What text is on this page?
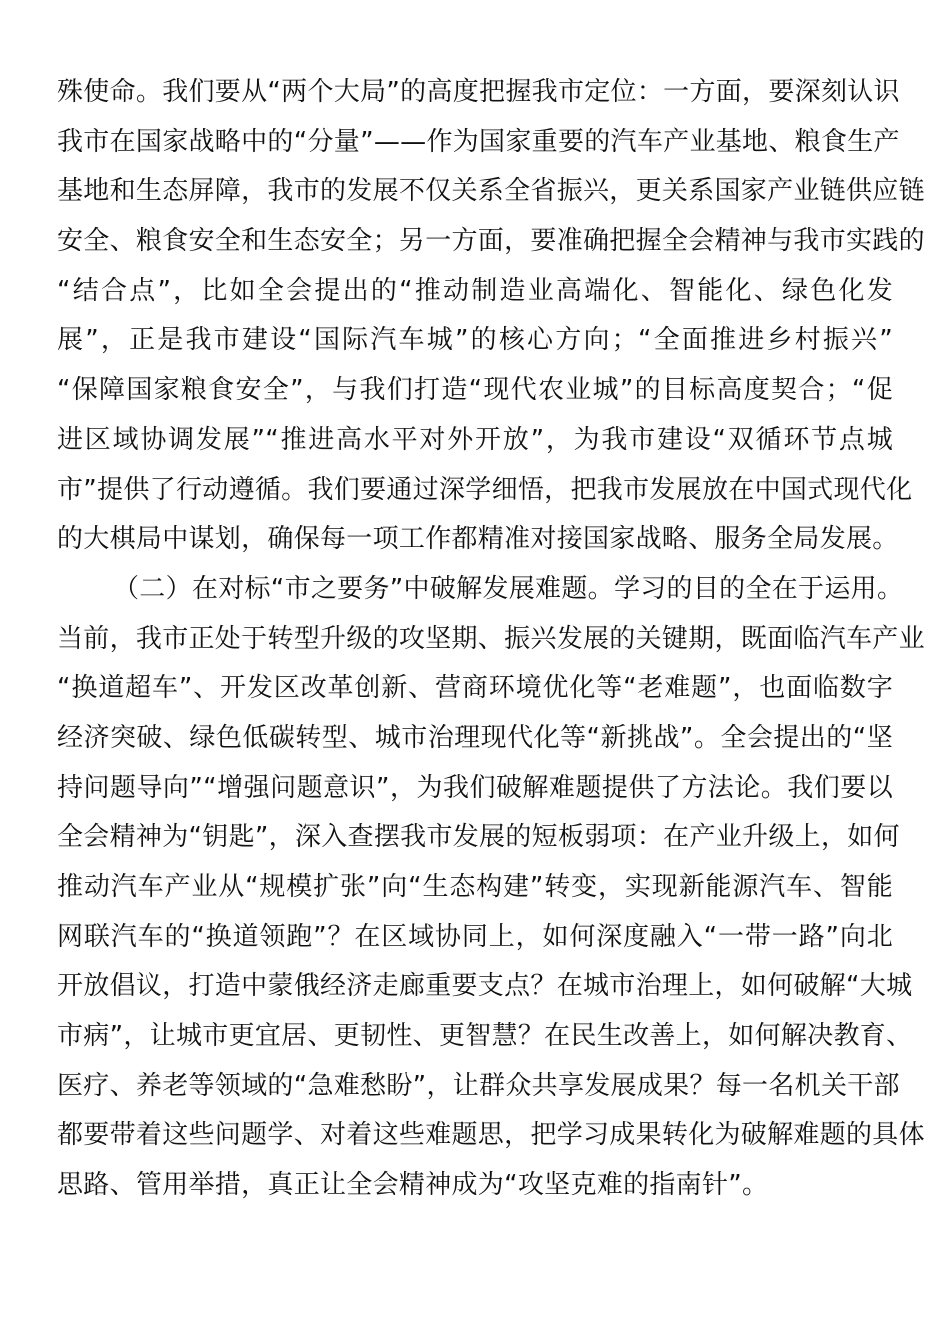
殊使命。我们要从“两个大局”的高度把握我市定位：一方面，要深刻认识
我市在国家战略中的“分量”——作为国家重要的汽车产业基地、粮食生产
基地和生态屏障，我市的发展不仅关系全省振兴，更关系国家产业链供应链
安全、粮食安全和生态安全；另一方面，要准确把握全会精神与我市实践的
“结合点”，比如全会提出的“推动制造业高端化、智能化、绿色化发
展”，正是我市建设“国际汽车城”的核心方向；“全面推进乡村振兴”
“保障国家粮食安全”，与我们打造“现代农业城”的目标高度契合；“促
进区域协调发展”“推进高水平对外开放”，为我市建设“双循环节点城
市”提供了行动遵循。我们要通过深学细悟，把我市发展放在中国式现代化
的大棋局中谋划，确保每一项工作都精准对接国家战略、服务全局发展。
（二）在对标“市之要务”中破解发展难题。学习的目的全在于运用。
当前，我市正处于转型升级的攻坚期、振兴发展的关键期，既面临汽车产业
“换道超车”、开发区改革创新、营商环境优化等“老难题”，也面临数字
经济突破、绿色低碳转型、城市治理现代化等“新挑战”。全会提出的“坚
持问题导向”“增强问题意识”，为我们破解难题提供了方法论。我们要以
全会精神为“钥匙”，深入查摆我市发展的短板弱项：在产业升级上，如何
推动汽车产业从“规模扩张”向“生态构建”转变，实现新能源汽车、智能
网联汽车的“换道领跑”？在区域协同上，如何深度融入“一带一路”向北
开放倡议，打造中蒙俄经济走廊重要支点？在城市治理上，如何破解“大城
市病”，让城市更宜居、更韧性、更智慧？在民生改善上，如何解决教育、
医疗、养老等领域的“急难愁盼”，让群众共享发展成果？每一名机关干部
都要带着这些问题学、对着这些难题思，把学习成果转化为破解难题的具体
思路、管用举措，真正让全会精神成为“攻坚克难的指南针”。
